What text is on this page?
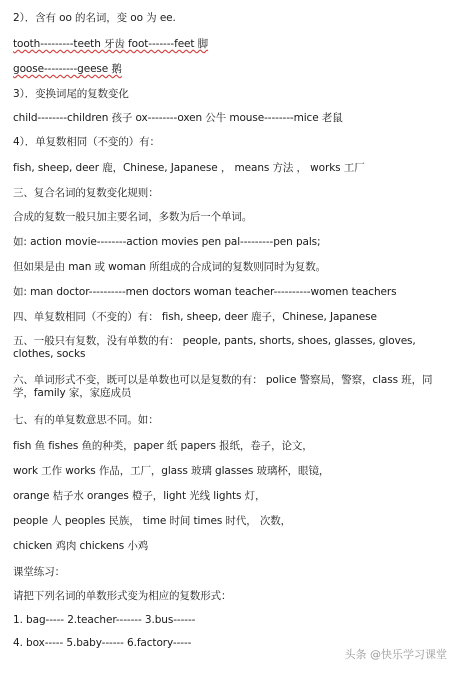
2）．含有 oo 的名词，变 oo 为 ee.
tooth---------teeth 牙齿 foot-------feet 脚
goose---------geese 鹅
3）．变换词尾的复数变化
child--------children 孩子 ox--------oxen 公牛 mouse--------mice 老鼠
4）．单复数相同（不变的）有：
fish, sheep, deer 鹿，Chinese, Japanese ， means 方法 ， works 工厂
三、复合名词的复数变化规则：
合成的复数一般只加主要名词，多数为后一个单词。
如: action movie--------action movies pen pal---------pen pals;
但如果是由 man 或 woman 所组成的合成词的复数则同时为复数。
如: man doctor----------men doctors woman teacher----------women teachers
四、单复数相同（不变的）有： fish, sheep, deer 鹿子，Chinese, Japanese
五、一般只有复数，没有单数的有： people, pants, shorts, shoes, glasses, gloves, clothes, socks
六、单词形式不变，既可以是单数也可以是复数的有： police 警察局，警察，class 班，同学，family 家，家庭成员
七、有的单复数意思不同。如：
fish 鱼 fishes 鱼的种类，paper 纸 papers 报纸，卷子，论文，
work 工作 works 作品，工厂，glass 玻璃 glasses 玻璃杯，眼镜，
orange 桔子水 oranges 橙子，light 光线 lights 灯，
people 人 peoples 民族， time 时间 times 时代， 次数，
chicken 鸡肉 chickens 小鸡
课堂练习：
请把下列名词的单数形式变为相应的复数形式：
1. bag----- 2.teacher------- 3.bus------
4. box----- 5.baby------ 6.factory-----
头条 @快乐学习课堂
